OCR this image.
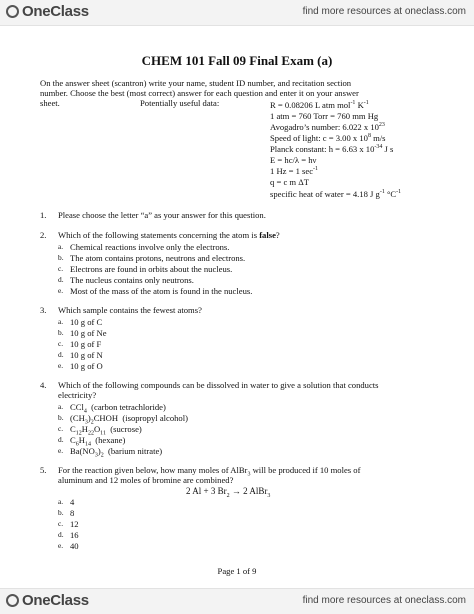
OneClass	find more resources at oneclass.com
CHEM 101 Fall 09 Final Exam (a)
On the answer sheet (scantron) write your name, student ID number, and recitation section
number. Choose the best (most correct) answer for each question and enter it on your answer
sheet.	Potentially useful data:	R = 0.08206 L atm mol$^{-1}$ $K^{-1}$
1 atm = 760 Torr = 760 mm Hg
Avogadro’s number: 6.022 x $10^{23}$
Speed of light: c = 3.00 x $10^8$ m/s
Planck constant: h = 6.63 x $10^{-34}$ J s
E = hc/λ = hν
1 Hz = 1 $\sec^{-1}$
q = c m ΔT
specific heat of water = 4.18 J $g^{-1}$ $^\circ C^{-1}$
1. Please choose the letter “a” as your answer for this question.
2. Which of the following statements concerning the atom is false?
a. Chemical reactions involve only the electrons.
b. The atom contains protons, neutrons and electrons.
c. Electrons are found in orbits about the nucleus.
d. The nucleus contains only neutrons.
e. Most of the mass of the atom is found in the nucleus.
3. Which sample contains the fewest atoms?
a. 10 g of C
b. 10 g of Ne
c. 10 g of F
d. 10 g of N
e. 10 g of O
4. Which of the following compounds can be dissolved in water to give a solution that conducts
electricity?
a. CCl$_4$ (carbon tetrachloride)
b. $(CH_3)_2CHOH$  (isopropyl alcohol)
c. $C_{12}H_{22}O_{11}$ (sucrose)
d. $C_6H_{14}$ (hexane)
e. $Ba(NO_3)_2$ (barium nitrate)
5. For the reaction given below, how many moles of AlBr$_3$ will be produced if 10 moles of
aluminum and 12 moles of bromine are combined?
2 Al + 3 $Br_2 \to 2$ AlBr$_3$
a. 4
b. 8
c. 12
d. 16
e. 40
Page 1 of 9
OneClass	find more resources at oneclass.com
